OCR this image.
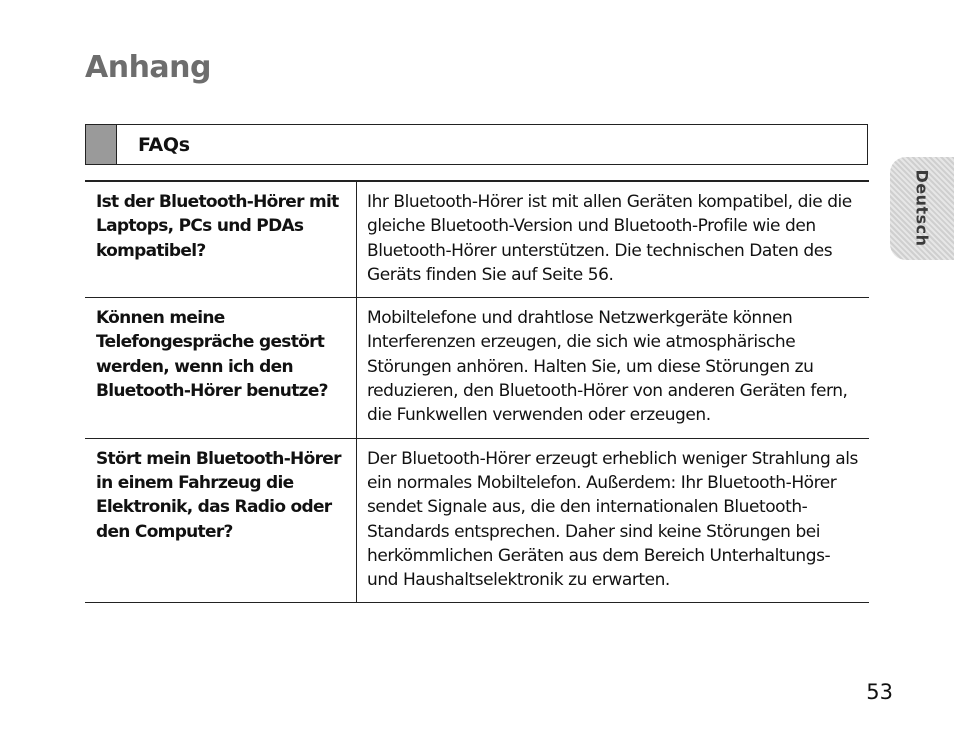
Anhang
FAQs
Ist der Bluetooth-Hörer mit Laptops, PCs und PDAs kompatibel?	Ihr Bluetooth-Hörer ist mit allen Geräten kompatibel, die die gleiche Bluetooth-Version und Bluetooth-Profile wie den Bluetooth-Hörer unterstützen. Die technischen Daten des Geräts finden Sie auf Seite 56.
Können meine Telefongespräche gestört werden, wenn ich den Bluetooth-Hörer benutze?	Mobiltelefone und drahtlose Netzwerkgeräte können Interferenzen erzeugen, die sich wie atmosphärische Störungen anhören. Halten Sie, um diese Störungen zu reduzieren, den Bluetooth-Hörer von anderen Geräten fern, die Funkwellen verwenden oder erzeugen.
Stört mein Bluetooth-Hörer in einem Fahrzeug die Elektronik, das Radio oder den Computer?	Der Bluetooth-Hörer erzeugt erheblich weniger Strahlung als ein normales Mobiltelefon. Außerdem: Ihr Bluetooth-Hörer sendet Signale aus, die den internationalen Bluetooth-Standards entsprechen. Daher sind keine Störungen bei herkömmlichen Geräten aus dem Bereich Unterhaltungs- und Haushaltselektronik zu erwarten.
Deutsch
53
